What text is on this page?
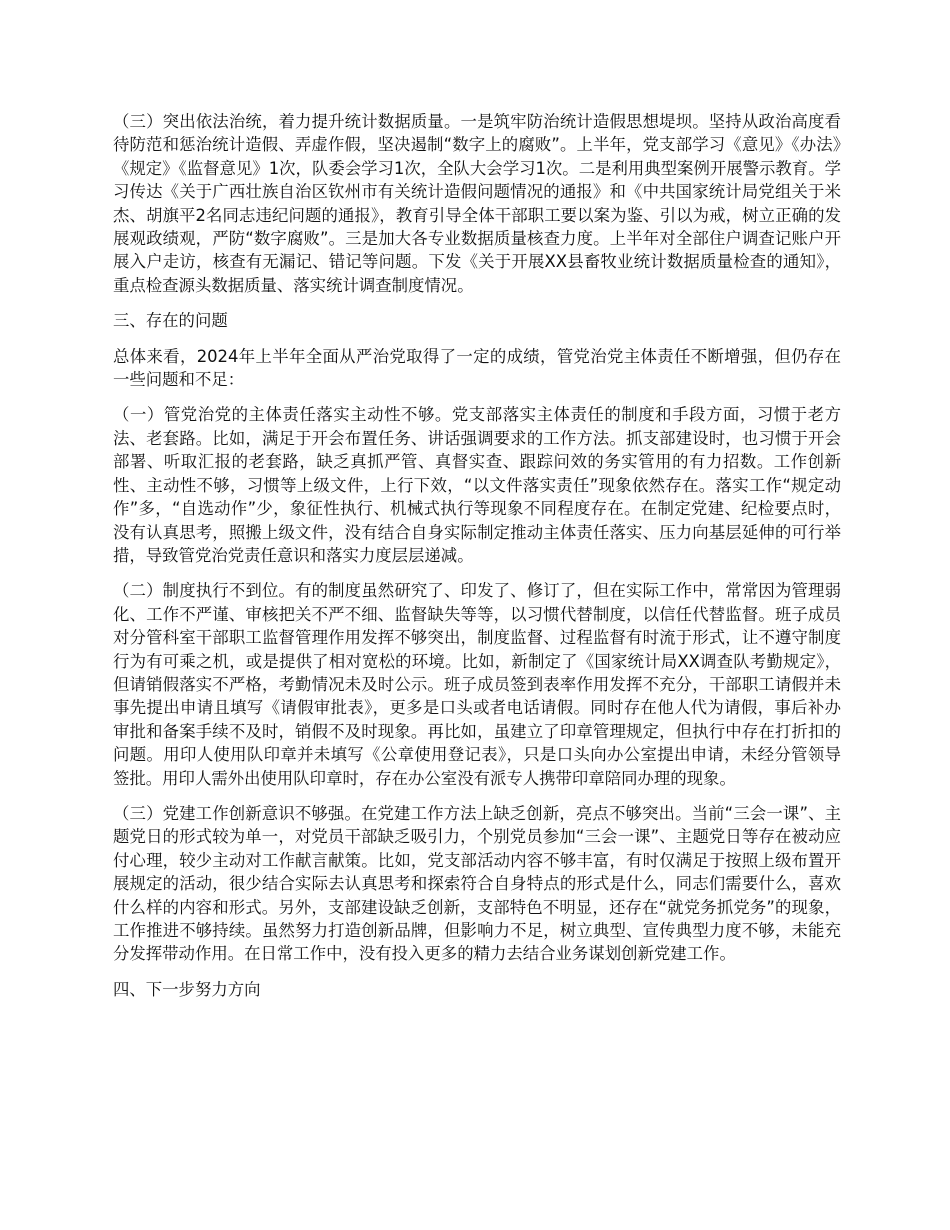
（三）突出依法治统，着力提升统计数据质量。一是筑牢防治统计造假思想堤坝。坚持从政治高度看待防范和惩治统计造假、弄虚作假，坚决遏制“数字上的腐败”。上半年，党支部学习《意见》《办法》《规定》《监督意见》1次，队委会学习1次，全队大会学习1次。二是利用典型案例开展警示教育。学习传达《关于广西壮族自治区钦州市有关统计造假问题情况的通报》和《中共国家统计局党组关于米杰、胡旗平2名同志违纪问题的通报》，教育引导全体干部职工要以案为鉴、引以为戒，树立正确的发展观政绩观，严防“数字腐败”。三是加大各专业数据质量核查力度。上半年对全部住户调查记账户开展入户走访，核查有无漏记、错记等问题。下发《关于开展XX县畜牧业统计数据质量检查的通知》，重点检查源头数据质量、落实统计调查制度情况。

三、存在的问题

总体来看，2024年上半年全面从严治党取得了一定的成绩，管党治党主体责任不断增强，但仍存在一些问题和不足：

（一）管党治党的主体责任落实主动性不够。党支部落实主体责任的制度和手段方面，习惯于老方法、老套路。比如，满足于开会布置任务、讲话强调要求的工作方法。抓支部建设时，也习惯于开会部署、听取汇报的老套路，缺乏真抓严管、真督实查、跟踪问效的务实管用的有力招数。工作创新性、主动性不够，习惯等上级文件，上行下效，“以文件落实责任”现象依然存在。落实工作“规定动作”多，“自选动作”少，象征性执行、机械式执行等现象不同程度存在。在制定党建、纪检要点时，没有认真思考，照搬上级文件，没有结合自身实际制定推动主体责任落实、压力向基层延伸的可行举措，导致管党治党责任意识和落实力度层层递减。

（二）制度执行不到位。有的制度虽然研究了、印发了、修订了，但在实际工作中，常常因为管理弱化、工作不严谨、审核把关不严不细、监督缺失等等，以习惯代替制度，以信任代替监督。班子成员对分管科室干部职工监督管理作用发挥不够突出，制度监督、过程监督有时流于形式，让不遵守制度行为有可乘之机，或是提供了相对宽松的环境。比如，新制定了《国家统计局XX调查队考勤规定》，但请销假落实不严格，考勤情况未及时公示。班子成员签到表率作用发挥不充分，干部职工请假并未事先提出申请且填写《请假审批表》，更多是口头或者电话请假。同时存在他人代为请假，事后补办审批和备案手续不及时，销假不及时现象。再比如，虽建立了印章管理规定，但执行中存在打折扣的问题。用印人使用队印章并未填写《公章使用登记表》，只是口头向办公室提出申请，未经分管领导签批。用印人需外出使用队印章时，存在办公室没有派专人携带印章陪同办理的现象。

（三）党建工作创新意识不够强。在党建工作方法上缺乏创新，亮点不够突出。当前“三会一课”、主题党日的形式较为单一，对党员干部缺乏吸引力，个别党员参加“三会一课”、主题党日等存在被动应付心理，较少主动对工作献言献策。比如，党支部活动内容不够丰富，有时仅满足于按照上级布置开展规定的活动，很少结合实际去认真思考和探索符合自身特点的形式是什么，同志们需要什么，喜欢什么样的内容和形式。另外，支部建设缺乏创新，支部特色不明显，还存在“就党务抓党务”的现象，工作推进不够持续。虽然努力打造创新品牌，但影响力不足，树立典型、宣传典型力度不够，未能充分发挥带动作用。在日常工作中，没有投入更多的精力去结合业务谋划创新党建工作。

四、下一步努力方向
